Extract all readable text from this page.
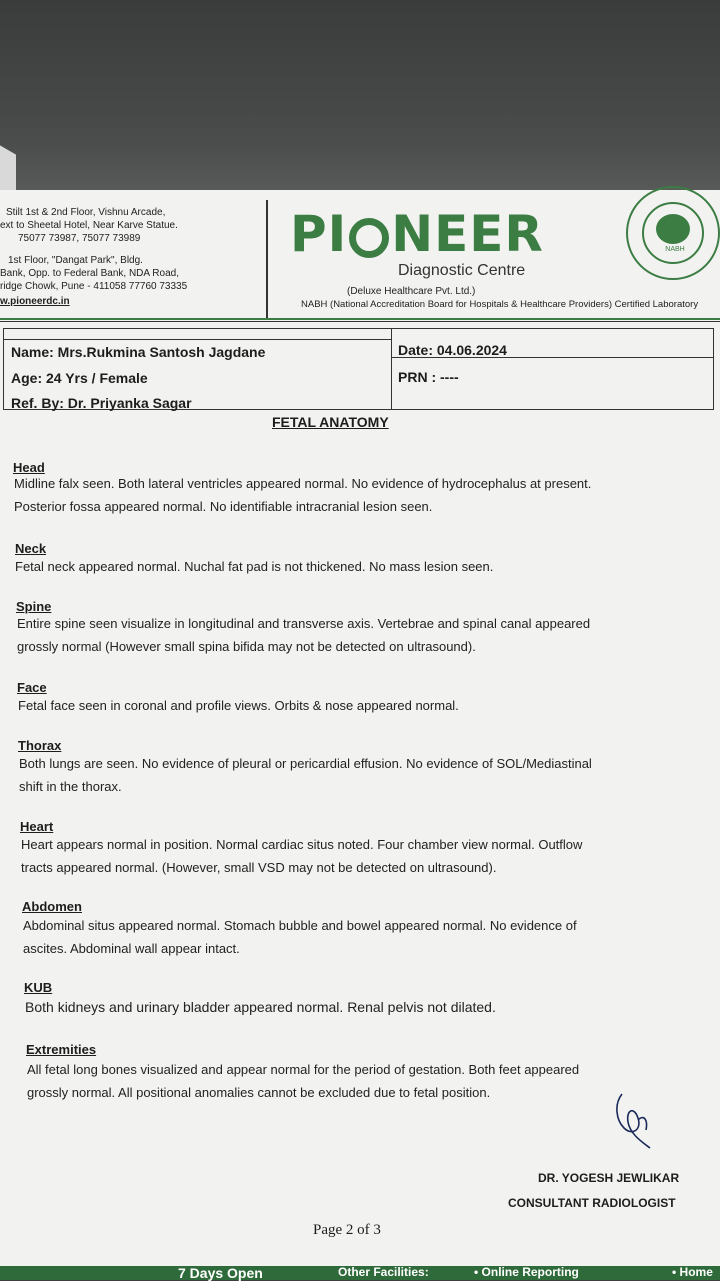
Stilt 1st & 2nd Floor, Vishnu Arcade,
ext to Sheetal Hotel, Near Karve Statue.
75077 73987, 75077 73989
1st Floor, "Dangat Park", Bldg.
Bank, Opp. to Federal Bank, NDA Road,
ridge Chowk, Pune - 411058 77760 73335
w.pioneerdc.in
PI NEER
Diagnostic Centre
(Deluxe Healthcare Pvt. Ltd.)
NABH (National Accreditation Board for Hospitals & Healthcare Providers) Certified Laboratory
NABH
Name: Mrs.Rukmina Santosh Jagdane
Age: 24 Yrs / Female
Ref. By: Dr. Priyanka Sagar
Date: 04.06.2024
PRN : ----
FETAL ANATOMY
Head
Midline falx seen. Both lateral ventricles appeared normal. No evidence of hydrocephalus at present.
Posterior fossa appeared normal. No identifiable intracranial lesion seen.
Neck
Fetal neck appeared normal. Nuchal fat pad is not thickened. No mass lesion seen.
Spine
Entire spine seen visualize in longitudinal and transverse axis. Vertebrae and spinal canal appeared
grossly normal (However small spina bifida may not be detected on ultrasound).
Face
Fetal face seen in coronal and profile views. Orbits & nose appeared normal.
Thorax
Both lungs are seen. No evidence of pleural or pericardial effusion. No evidence of SOL/Mediastinal
shift in the thorax.
Heart
Heart appears normal in position. Normal cardiac situs noted. Four chamber view normal. Outflow
tracts appeared normal. (However, small VSD may not be detected on ultrasound).
Abdomen
Abdominal situs appeared normal. Stomach bubble and bowel appeared normal. No evidence of
ascites. Abdominal wall appear intact.
KUB
Both kidneys and urinary bladder appeared normal. Renal pelvis not dilated.
Extremities
All fetal long bones visualized and appear normal for the period of gestation. Both feet appeared
grossly normal. All positional anomalies cannot be excluded due to fetal position.
DR. YOGESH JEWLIKAR
CONSULTANT RADIOLOGIST
Page 2 of 3
7 Days Open	Other Facilities:	• Online Reporting	• Home
